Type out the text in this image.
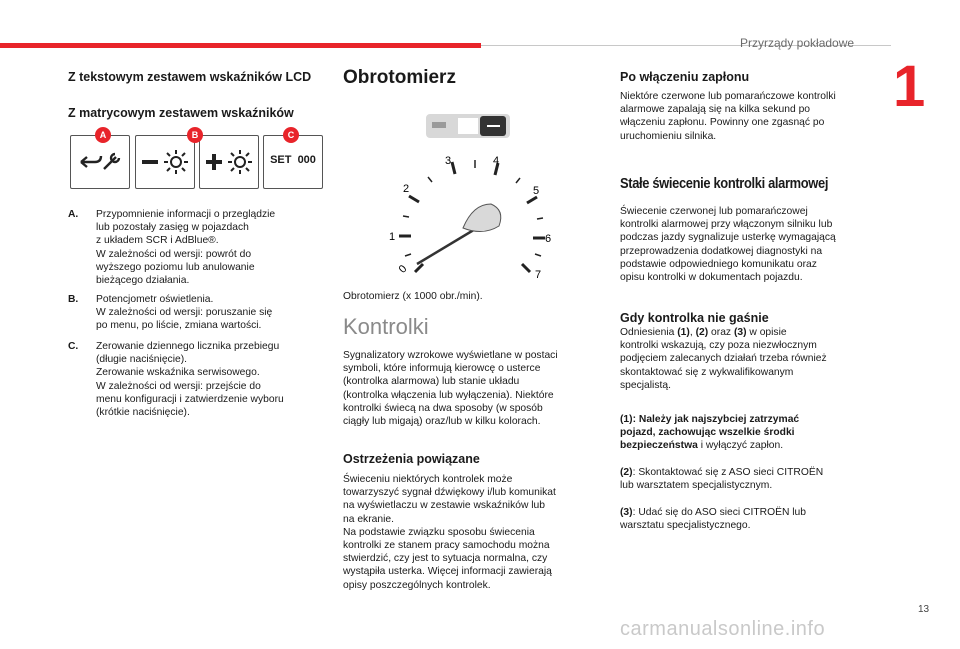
Przyrządy pokładowe
1
Z tekstowym zestawem wskaźników LCD
Z matrycowym zestawem wskaźników
SET  000
A	B	C
A. Przypomnienie informacji o przeglądzie
lub pozostały zasięg w pojazdach
z układem SCR i AdBlue®.
W zależności od wersji: powrót do
wyższego poziomu lub anulowanie
bieżącego działania.
B. Potencjometr oświetlenia.
W zależności od wersji: poruszanie się
po menu, po liście, zmiana wartości.
C. Zerowanie dziennego licznika przebiegu
(długie naciśnięcie).
Zerowanie wskaźnika serwisowego.
W zależności od wersji: przejście do
menu konfiguracji i zatwierdzenie wyboru
(krótkie naciśnięcie).
Obrotomierz
0
1
2
3	4
5
6
7
Obrotomierz (x 1000 obr./min).
Kontrolki
Sygnalizatory wzrokowe wyświetlane w postaci
symboli, które informują kierowcę o usterce
(kontrolka alarmowa) lub stanie układu
(kontrolka włączenia lub wyłączenia). Niektóre
kontrolki świecą na dwa sposoby (w sposób
ciągły lub migają) oraz/lub w kilku kolorach.
Ostrzeżenia powiązane
Świeceniu niektórych kontrolek może
towarzyszyć sygnał dźwiękowy i/lub komunikat
na wyświetlaczu w zestawie wskaźników lub
na ekranie.
Na podstawie związku sposobu świecenia
kontrolki ze stanem pracy samochodu można
stwierdzić, czy jest to sytuacja normalna, czy
wystąpiła usterka. Więcej informacji zawierają
opisy poszczególnych kontrolek.
Po włączeniu zapłonu
Niektóre czerwone lub pomarańczowe kontrolki
alarmowe zapalają się na kilka sekund po
włączeniu zapłonu. Powinny one zgasnąć po
uruchomieniu silnika.
Stałe świecenie kontrolki alarmowej
Świecenie czerwonej lub pomarańczowej
kontrolki alarmowej przy włączonym silniku lub
podczas jazdy sygnalizuje usterkę wymagającą
przeprowadzenia dodatkowej diagnostyki na
podstawie odpowiedniego komunikatu oraz
opisu kontrolki w dokumentach pojazdu.
Gdy kontrolka nie gaśnie
Odniesienia (1), (2) oraz (3) w opisie
kontrolki wskazują, czy poza niezwłocznym
podjęciem zalecanych działań trzeba również
skontaktować się z wykwalifikowanym
specjalistą.
(1): Należy jak najszybciej zatrzymać
pojazd, zachowując wszelkie środki
bezpieczeństwa i wyłączyć zapłon.
(2): Skontaktować się z ASO sieci CITROËN
lub warsztatem specjalistycznym.
(3): Udać się do ASO sieci CITROËN lub
warsztatu specjalistycznego.
13
carmanualsonline.info
